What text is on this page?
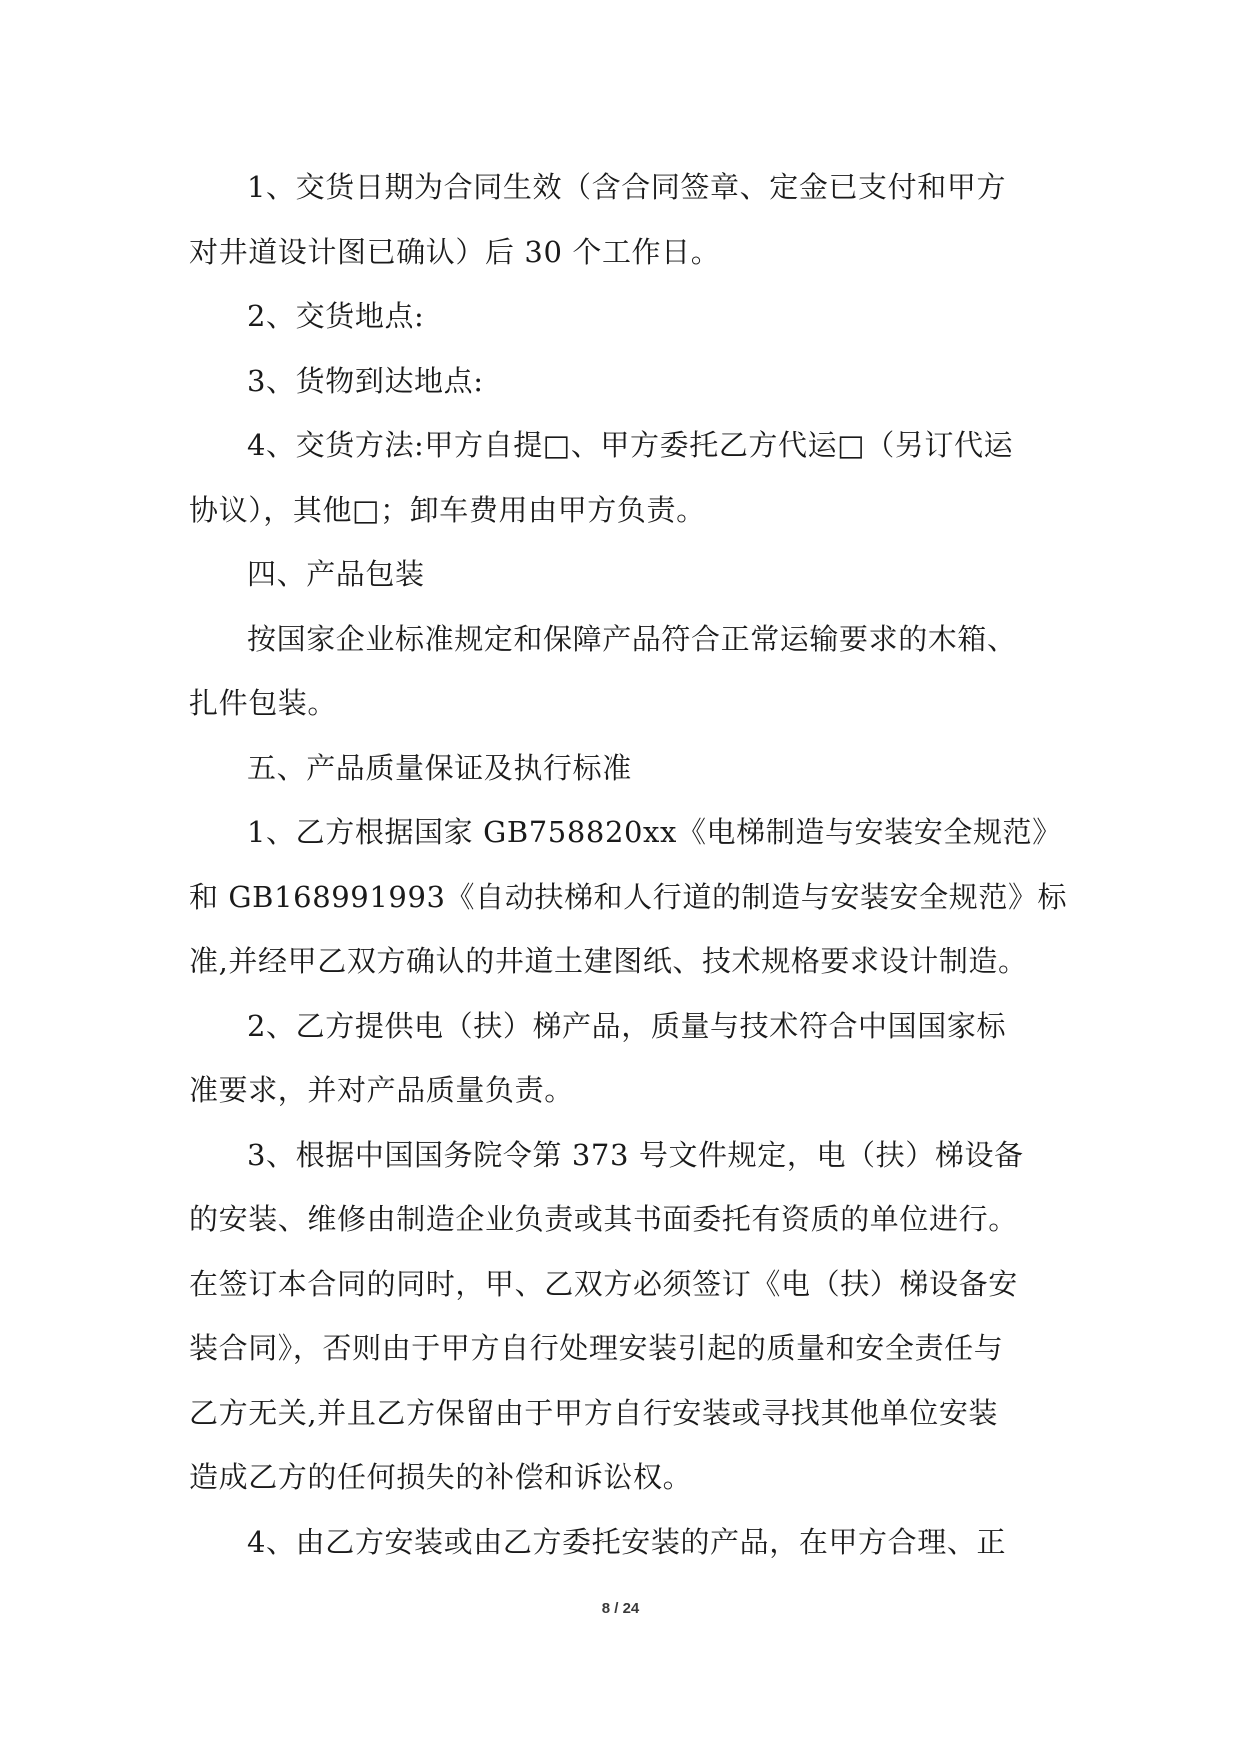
1、交货日期为合同生效（含合同签章、定金已支付和甲方
对井道设计图已确认）后 30 个工作日。
2、交货地点:
3、货物到达地点:
4、交货方法:甲方自提□、甲方委托乙方代运□（另订代运
协议），其他□；卸车费用由甲方负责。
四、产品包装
按国家企业标准规定和保障产品符合正常运输要求的木箱、
扎件包装。
五、产品质量保证及执行标准
1、乙方根据国家 GB758820xx《电梯制造与安装安全规范》
和 GB168991993《自动扶梯和人行道的制造与安装安全规范》标
准,并经甲乙双方确认的井道土建图纸、技术规格要求设计制造。
2、乙方提供电（扶）梯产品，质量与技术符合中国国家标
准要求，并对产品质量负责。
3、根据中国国务院令第 373 号文件规定，电（扶）梯设备
的安装、维修由制造企业负责或其书面委托有资质的单位进行。
在签订本合同的同时，甲、乙双方必须签订《电（扶）梯设备安
装合同》，否则由于甲方自行处理安装引起的质量和安全责任与
乙方无关,并且乙方保留由于甲方自行安装或寻找其他单位安装
造成乙方的任何损失的补偿和诉讼权。
4、由乙方安装或由乙方委托安装的产品，在甲方合理、正
8 / 24
